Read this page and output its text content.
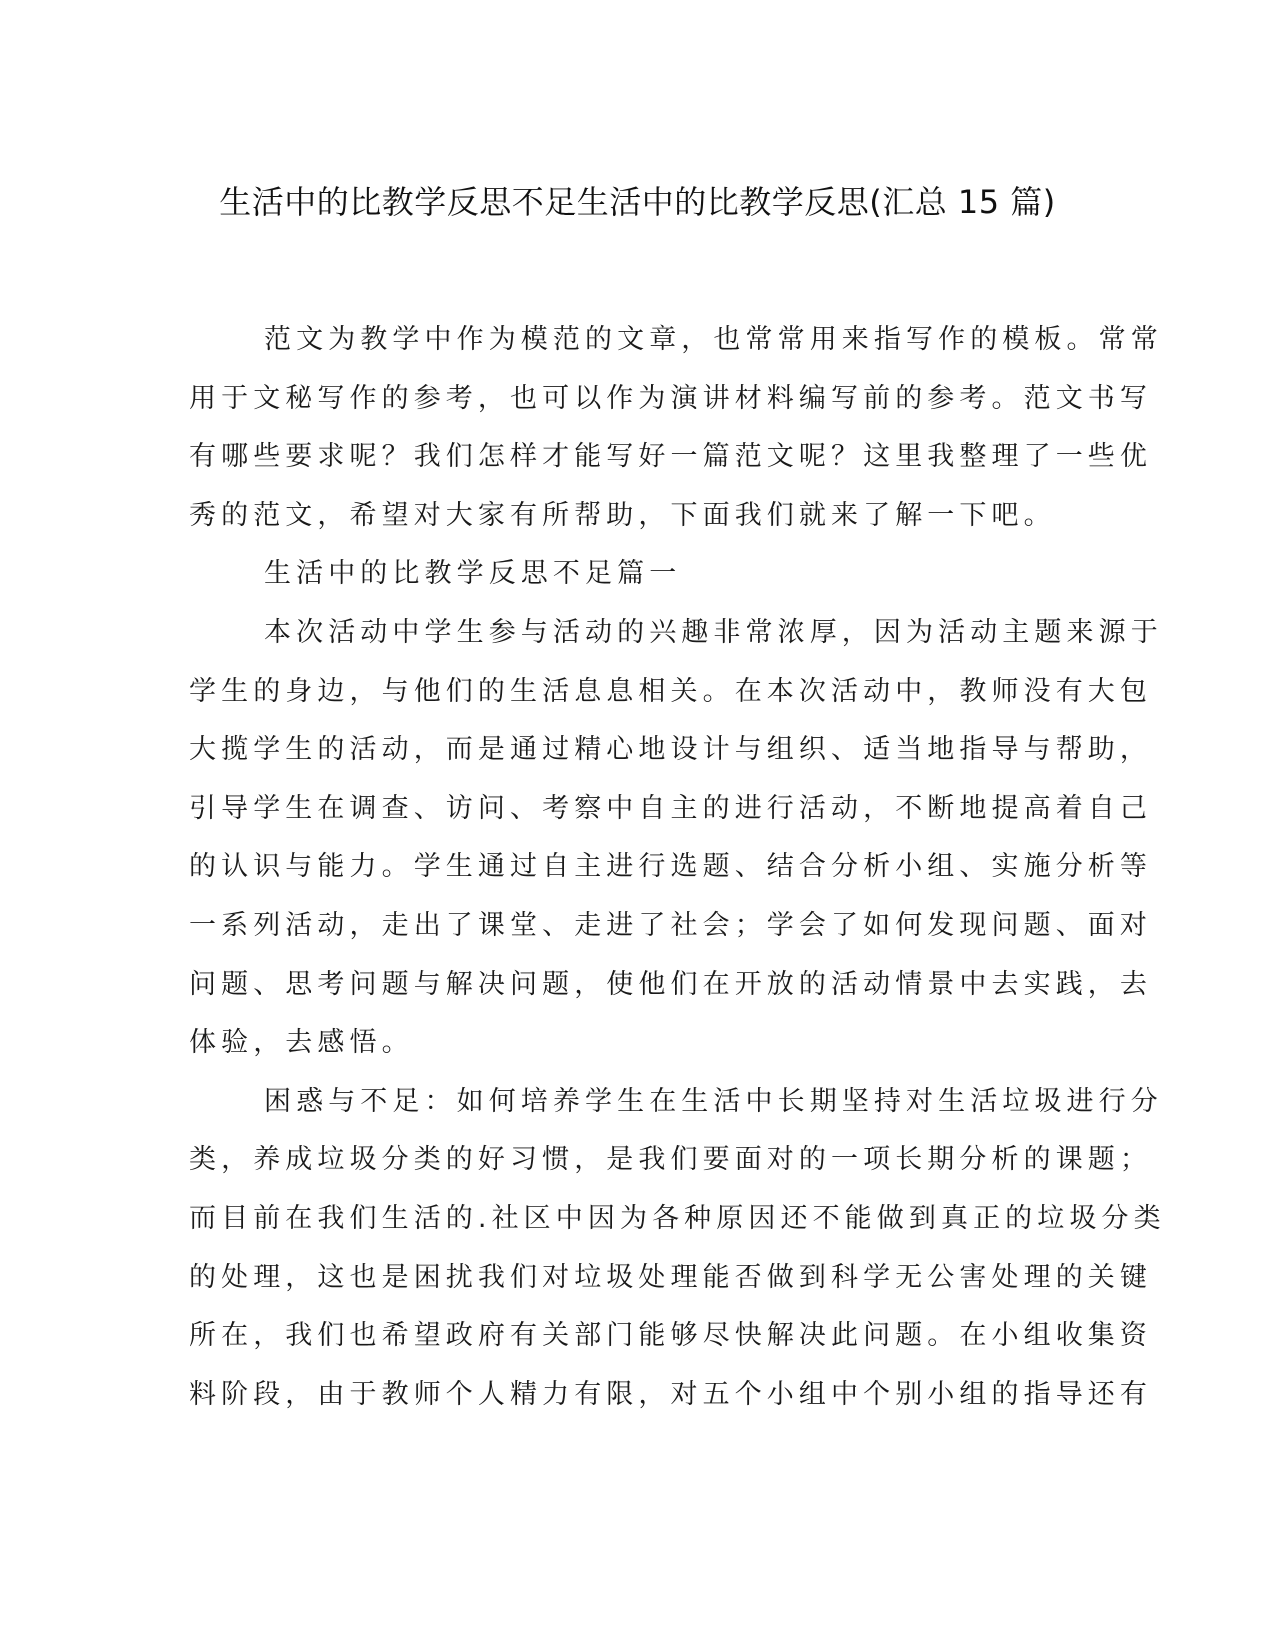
生活中的比教学反思不足生活中的比教学反思(汇总 15 篇)
范文为教学中作为模范的文章，也常常用来指写作的模板。常常
用于文秘写作的参考，也可以作为演讲材料编写前的参考。范文书写
有哪些要求呢？我们怎样才能写好一篇范文呢？这里我整理了一些优
秀的范文，希望对大家有所帮助，下面我们就来了解一下吧。
生活中的比教学反思不足篇一
本次活动中学生参与活动的兴趣非常浓厚，因为活动主题来源于
学生的身边，与他们的生活息息相关。在本次活动中，教师没有大包
大揽学生的活动，而是通过精心地设计与组织、适当地指导与帮助，
引导学生在调查、访问、考察中自主的进行活动，不断地提高着自己
的认识与能力。学生通过自主进行选题、结合分析小组、实施分析等
一系列活动，走出了课堂、走进了社会；学会了如何发现问题、面对
问题、思考问题与解决问题，使他们在开放的活动情景中去实践，去
体验，去感悟。
困惑与不足：如何培养学生在生活中长期坚持对生活垃圾进行分
类，养成垃圾分类的好习惯，是我们要面对的一项长期分析的课题；
而目前在我们生活的.社区中因为各种原因还不能做到真正的垃圾分类
的处理，这也是困扰我们对垃圾处理能否做到科学无公害处理的关键
所在，我们也希望政府有关部门能够尽快解决此问题。在小组收集资
料阶段，由于教师个人精力有限，对五个小组中个别小组的指导还有
